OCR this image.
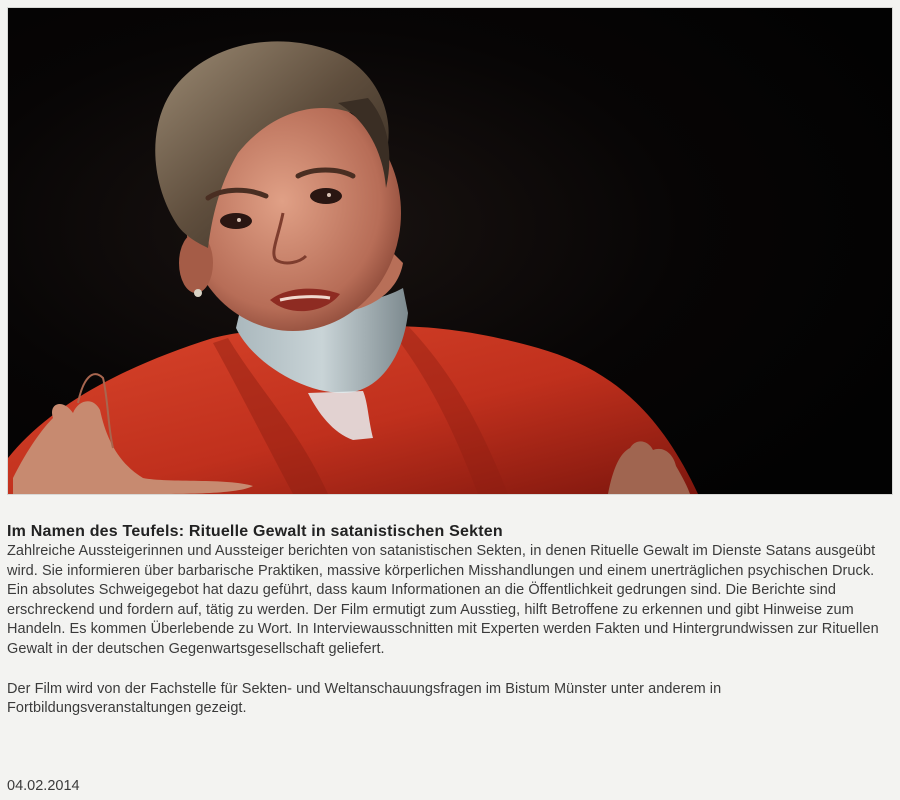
Im Namen des Teufels: Rituelle Gewalt in satanistischen Sekten

Zahlreiche Aussteigerinnen und Aussteiger berichten von satanistischen Sekten, in denen Rituelle Gewalt im Dienste Satans ausgeübt wird. Sie informieren über barbarische Praktiken, massive körperlichen Misshandlungen und einem unerträglichen psychischen Druck. Ein absolutes Schweigegebot hat dazu geführt, dass kaum Informationen an die Öffentlichkeit gedrungen sind. Die Berichte sind erschreckend und fordern auf, tätig zu werden. Der Film ermutigt zum Ausstieg, hilft Betroffene zu erkennen und gibt Hinweise zum Handeln. Es kommen Überlebende zu Wort. In Interviewausschnitten mit Experten werden Fakten und Hintergrundwissen zur Rituellen Gewalt in der deutschen Gegenwartsgesellschaft geliefert.

Der Film wird von der Fachstelle für Sekten- und Weltanschauungsfragen im Bistum Münster unter anderem in Fortbildungsveranstaltungen gezeigt.

04.02.2014
